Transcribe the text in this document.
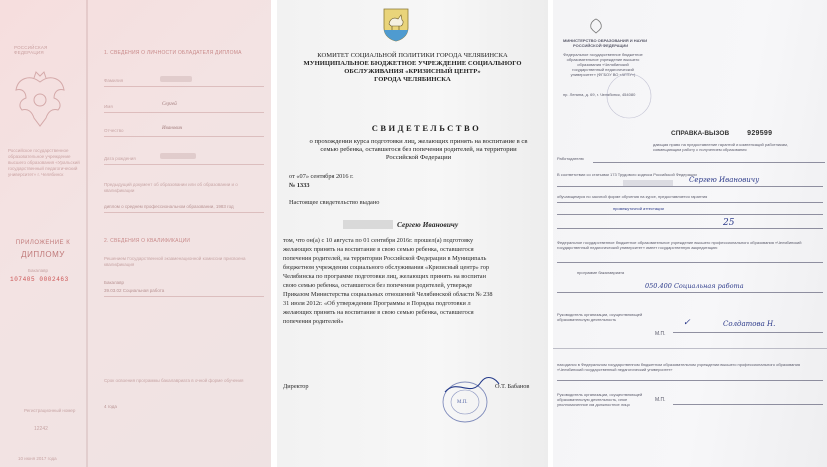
РОССИЙСКАЯ ФЕДЕРАЦИЯ
Российское государственное образовательное учреждение высшего образования «Уральский государственный педагогический университет» г. Челябинск
ПРИЛОЖЕНИЕ К
ДИПЛОМУ
Бакалавр
107405 0002463
Регистрационный номер
12242
10 июня 2017 года
1. СВЕДЕНИЯ О ЛИЧНОСТИ ОБЛАДАТЕЛЯ ДИПЛОМА
Фамилия
Имя	Сергей
Отчество	Иванович
Дата рождения
Предыдущий документ об образовании или об образовании и о квалификации
диплом о среднем профессиональном образовании, 1983 год
2. СВЕДЕНИЯ О КВАЛИФИКАЦИИ
Решением Государственной экзаменационной комиссии присвоена квалификация
Бакалавр
39.03.02 Социальная работа
Срок освоения программы бакалавриата в очной форме обучения
4 года
КОМИТЕТ СОЦИАЛЬНОЙ ПОЛИТИКИ ГОРОДА ЧЕЛЯБИНСКА
МУНИЦИПАЛЬНОЕ БЮДЖЕТНОЕ УЧРЕЖДЕНИЕ СОЦИАЛЬНОГО
ОБСЛУЖИВАНИЯ «КРИЗИСНЫЙ ЦЕНТР»
ГОРОДА ЧЕЛЯБИНСКА
СВИДЕТЕЛЬСТВО
о прохождении курса подготовки лиц, желающих принять на воспитание в св
семью ребенка, оставшегося без попечения родителей, на территории
Российской Федерации
от «07» сентября 2016 г.
№ 1333
Настоящее свидетельство выдано
Сергею Ивановичу
том, что он(а) с 10 августа по 01 сентября 2016г. прошел(а) подготовку
желающих принять на воспитание в свою семью ребенка, оставшегося
попечения родителей, на территории Российской Федерации в Муниципаль
бюджетном учреждении социального обслуживания «Кризисный центр» гор
Челябинска по программе подготовки лиц, желающих принять на воспитан
свою семью ребенка, оставшегося без попечения родителей, утвержде
Приказом Министерства социальных отношений Челябинской области № 238
31 июля 2012г. «Об утверждении Программы и Порядка подготовки л
желающих принять на воспитание в свою семью ребенка, оставшегося
попечения родителей»
Директор	О.Т. Бабанов
М.П.
МИНИСТЕРСТВО ОБРАЗОВАНИЯ И НАУКИ
РОССИЙСКОЙ ФЕДЕРАЦИИ
Федеральное государственное бюджетное образовательное учреждение высшего образования «Челябинский государственный педагогический университет» (ФГБОУ ВО «ЧГПУ»)
пр. Ленина, д. 69, г. Челябинск, 454080
СПРАВКА-ВЫЗОВ	929599
дающая право на предоставление гарантий и компенсаций работникам, совмещающим работу с получением образования
Работодателю
В соответствии со статьями 173 Трудового кодекса Российской Федерации
Сергею Ивановичу
обучающемуся по заочной форме обучения на курсе, предоставляется гарантия
промежуточной аттестации
25
Федеральное государственное бюджетное образовательное учреждение высшего профессионального образования «Челябинский государственный педагогический университет» имеет государственную аккредитацию
программе бакалавриата
050.400 Социальная работа
Руководитель организации, осуществляющей образовательную деятельность
М.П.
✓	Солдатова Н.
находился в Федеральном государственном бюджетном образовательном учреждении высшего профессионального образования «Челябинский государственный педагогический университет»
Руководитель организации, осуществляющей образовательную деятельность, иное уполномоченное им должностное лицо
М.П.
